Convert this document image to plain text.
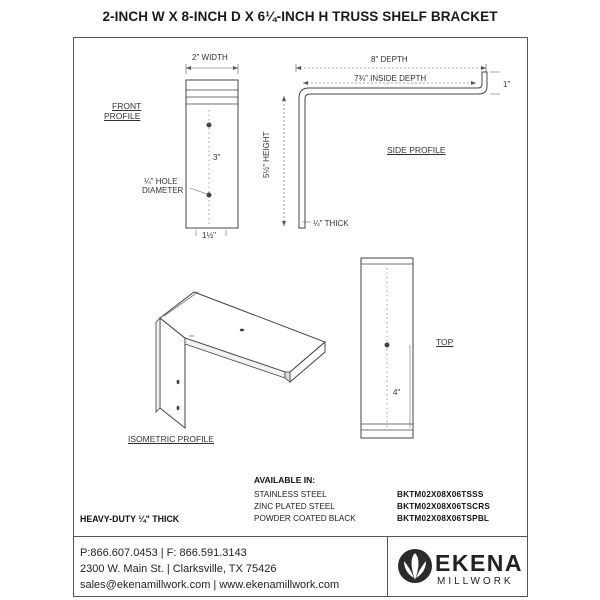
2-INCH W X 8-INCH D X 6¼-INCH H TRUSS SHELF BRACKET
2" WIDTH
FRONT
PROFILE
3"
¼" HOLE
DIAMETER
1½"
8" DEPTH
7¾" INSIDE DEPTH
1"
5½" HEIGHT
¼" THICK
SIDE PROFILE
TOP
4"
ISOMETRIC PROFILE
AVAILABLE IN:
STAINLESS STEEL
ZINC PLATED STEEL
POWDER COATED BLACK
BKTM02X08X06TSSS
BKTM02X08X06TSCRS
BKTM02X08X06TSPBL
HEAVY-DUTY ¼" THICK
P:866.607.0453 | F: 866.591.3143
2300 W. Main St. | Clarksville, TX 75426
sales@ekenamillwork.com | www.ekenamillwork.com
EKENA
MILLWORK
